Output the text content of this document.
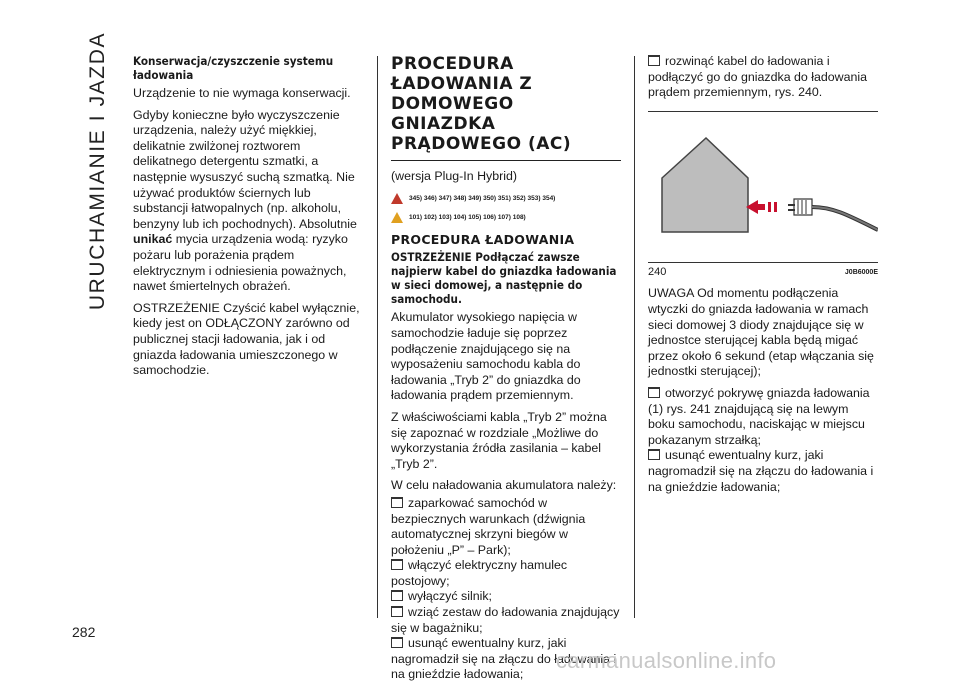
URUCHAMIANIE I JAZDA
282
Konserwacja/czyszczenie systemu ładowania

Urządzenie to nie wymaga konserwacji.

Gdyby konieczne było wyczyszczenie urządzenia, należy użyć miękkiej, delikatnie zwilżonej roztworem delikatnego detergentu szmatki, a następnie wysuszyć suchą szmatką. Nie używać produktów ściernych lub substancji łatwopalnych (np. alkoholu, benzyny lub ich pochodnych). Absolutnie unikać mycia urządzenia wodą: ryzyko pożaru lub porażenia prądem elektrycznym i odniesienia poważnych, nawet śmiertelnych obrażeń.

OSTRZEŻENIE Czyścić kabel wyłącznie, kiedy jest on ODŁĄCZONY zarówno od publicznej stacji ładowania, jak i od gniazda ładowania umieszczonego w samochodzie.

PROCEDURA ŁADOWANIA Z DOMOWEGO GNIAZDKA PRĄDOWEGO (AC)

(wersja Plug-In Hybrid)

345) 346) 347) 348) 349) 350) 351) 352) 353) 354)
101) 102) 103) 104) 105) 106) 107) 108)
PROCEDURA ŁADOWANIA
OSTRZEŻENIE Podłączać zawsze najpierw kabel do gniazdka ładowania w sieci domowej, a następnie do samochodu.

Akumulator wysokiego napięcia w samochodzie ładuje się poprzez podłączenie znajdującego się na wyposażeniu samochodu kabla do ładowania „Tryb 2” do gniazdka do ładowania prądem przemiennym.

Z właściwościami kabla „Tryb 2” można się zapoznać w rozdziale „Możliwe do wykorzystania źródła zasilania – kabel „Tryb 2”.

W celu naładowania akumulatora należy:

zaparkować samochód w bezpiecznych warunkach (dźwignia automatycznej skrzyni biegów w położeniu „P” – Park);
włączyć elektryczny hamulec postojowy;
wyłączyć silnik;
wziąć zestaw do ładowania znajdujący się w bagażniku;
usunąć ewentualny kurz, jaki nagromadził się na złączu do ładowania i na gnieździe ładowania;

rozwinąć kabel do ładowania i podłączyć go do gniazdka do ładowania prądem przemiennym, rys. 240.

240	J0B6000E

UWAGA Od momentu podłączenia wtyczki do gniazda ładowania w ramach sieci domowej 3 diody znajdujące się w jednostce sterującej kabla będą migać przez około 6 sekund (etap włączania się jednostki sterującej);

otworzyć pokrywę gniazda ładowania (1) rys. 241 znajdującą się na lewym boku samochodu, naciskając w miejscu pokazanym strzałką;
usunąć ewentualny kurz, jaki nagromadził się na złączu do ładowania i na gnieździe ładowania;
carmanualsonline.info
